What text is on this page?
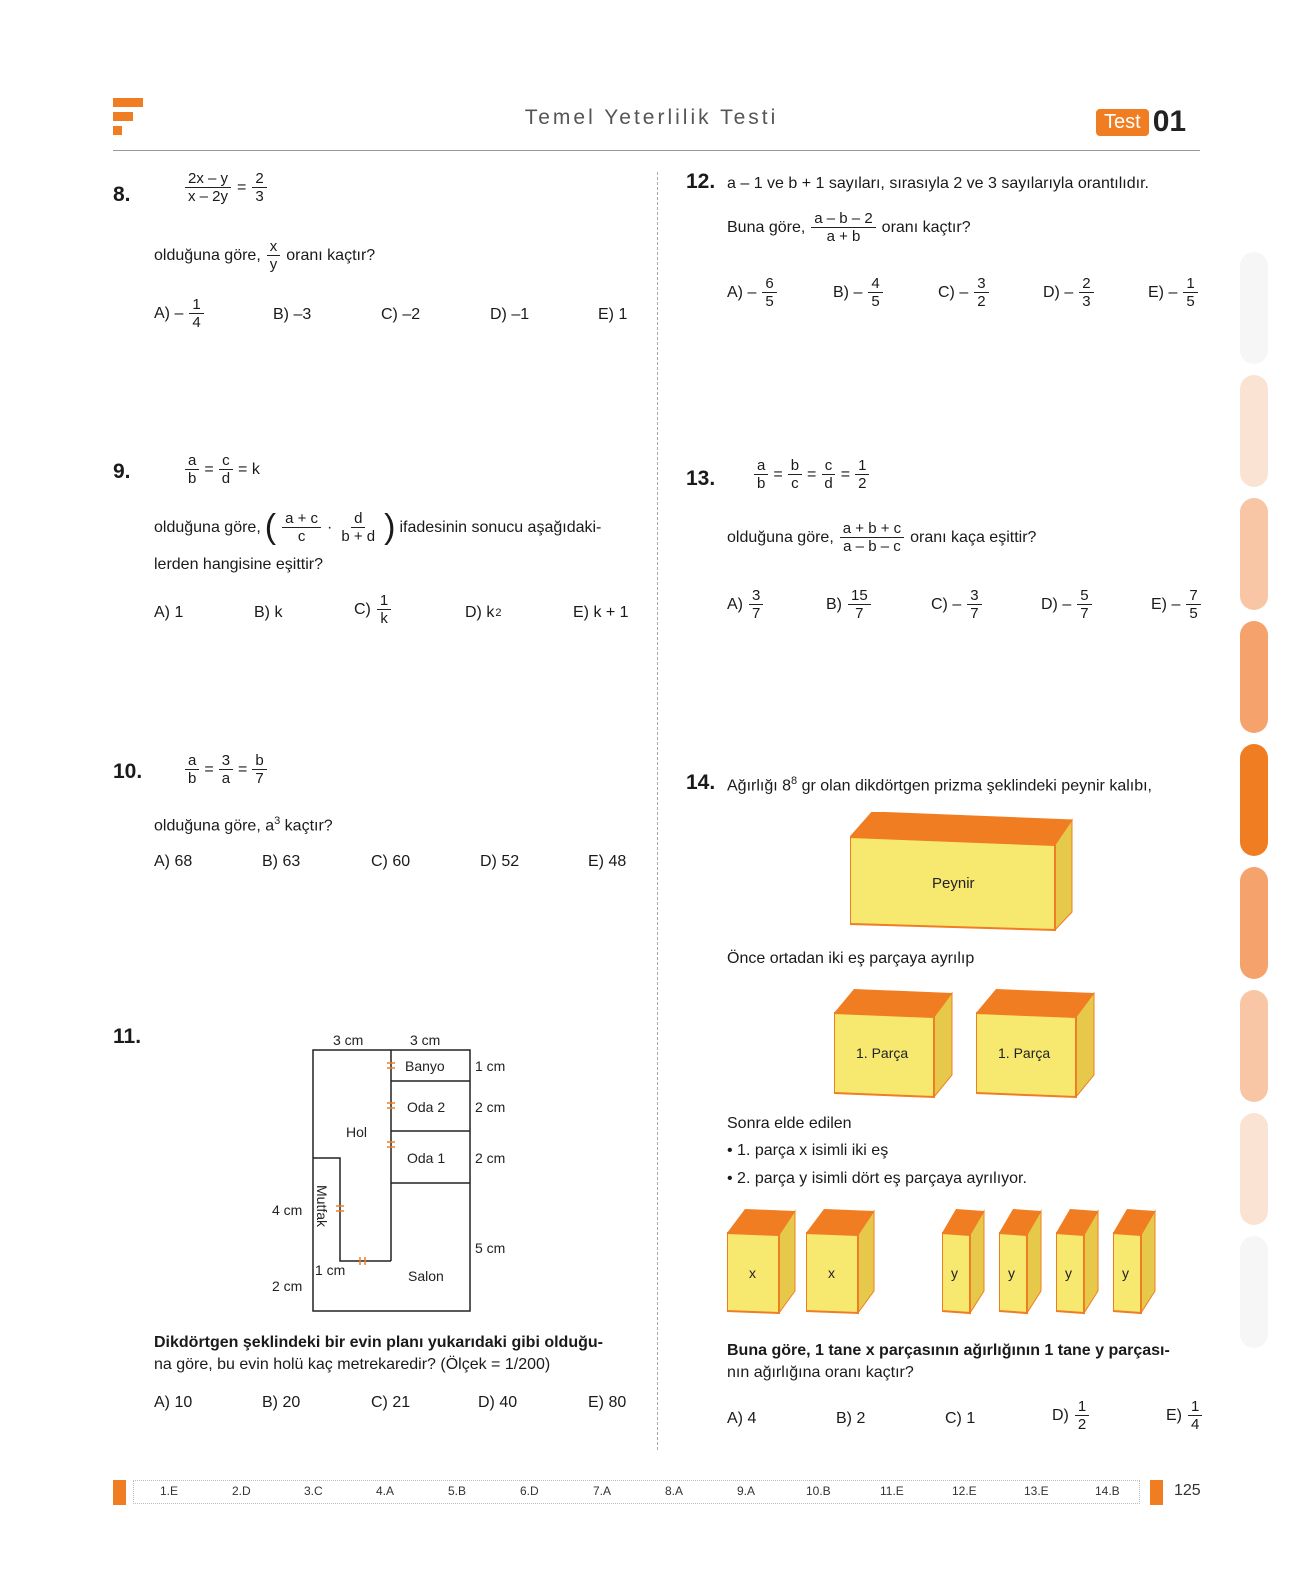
Temel Yeterlilik Testi	Test 01
8.	$\frac{2x - y}{x - 2y} = \frac{2}{3}$
olduğuna göre, $\frac{x}{y}$ oranı kaçtır?
$A) - \frac{1}{4}$	B) –3	C) –2	D) –1	E) 1
9.	$\frac{a}{b} = \frac{c}{d} = k$
olduğuna göre, ( $\frac{a + c}{c} \cdot \frac{d}{b + d}$ ) ifadesinin sonucu aşağıdaki-
lerden hangisine eşittir?
A) 1	B) k	$C) \frac{1}{k}$	D) k 2	E) k + 1
10.	$\frac{a}{b} = \frac{3}{a} = \frac{b}{7}$
olduğuna göre, $a^3$ kaçtır?
A) 68	B) 63	C) 60	D) 52	E) 48
11.	3 cm	3 cm
Banyo
Oda 2
Oda 1
Hol
Salon
Mutfak
1 cm
2 cm
2 cm
5 cm
4 cm
2 cm
1 cm
Dikdörtgen şeklindeki bir evin planı yukarıdaki gibi olduğu-
na göre, bu evin holü kaç metrekaredir? (Ölçek = 1/200)
A) 10	B) 20	C) 21	D) 40	E) 80
12. a – 1 ve b + 1 sayıları, sırasıyla 2 ve 3 sayılarıyla orantılıdır.
Buna göre, $\frac{a - b - 2}{a + b}$ oranı kaçtır?
$A) - \frac{6}{5}$	$B) - \frac{4}{5}$	$C) - \frac{3}{2}$	$D) - \frac{2}{3}$	$E) - \frac{1}{5}$
13.	$\frac{a}{b} = \frac{b}{c} = \frac{c}{d} = \frac{1}{2}$
olduğuna göre, $\frac{a + b + c}{a - b - c}$ oranı kaça eşittir?
$A) \frac{3}{7}$	$B) \frac{15}{7}$	$C) - \frac{3}{7}$	$D) - \frac{5}{7}$	$E) - \frac{7}{5}$
14. Ağırlığı $8^8$ gr olan dikdörtgen prizma şeklindeki peynir kalıbı,
Peynir
Önce ortadan iki eş parçaya ayrılıp
1. Parça	1. Parça
Sonra elde edilen
• 1. parça x isimli iki eş
• 2. parça y isimli dört eş parçaya ayrılıyor.
x	x	y	y	y	y
Buna göre, 1 tane x parçasının ağırlığının 1 tane y parçası-
nın ağırlığına oranı kaçtır?
A) 4	B) 2	C) 1	$D) \frac{1}{2}$	$E) \frac{1}{4}$
1.E	2.D	3.C	4.A	5.B	6.D	7.A	8.A	9.A	10.B	11.E	12.E	13.E	14.B	125
